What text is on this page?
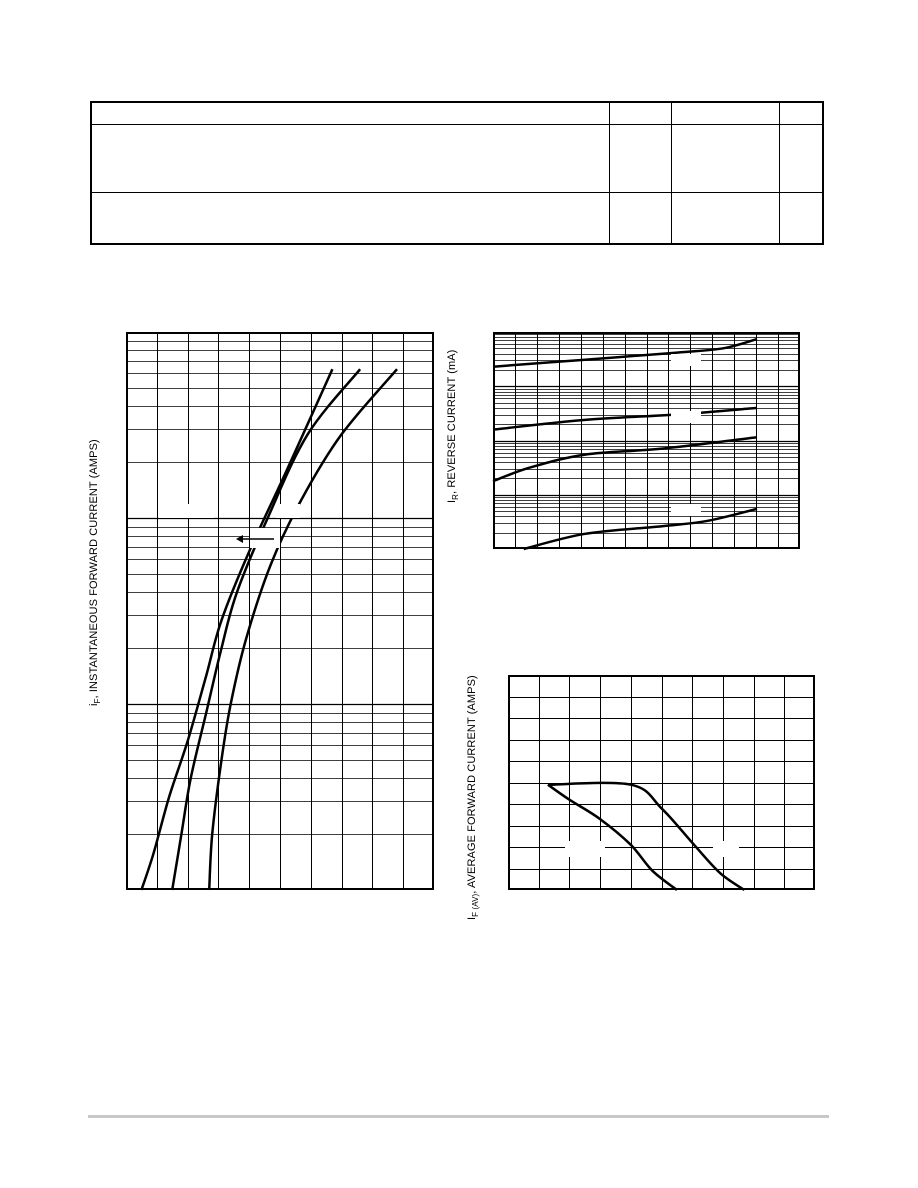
$i_F$, INSTANTANEOUS FORWARD CURRENT (AMPS)	$I_R$, REVERSE CURRENT (mA)
$I_{F (AV)}$, AVERAGE FORWARD CURRENT (AMPS)
